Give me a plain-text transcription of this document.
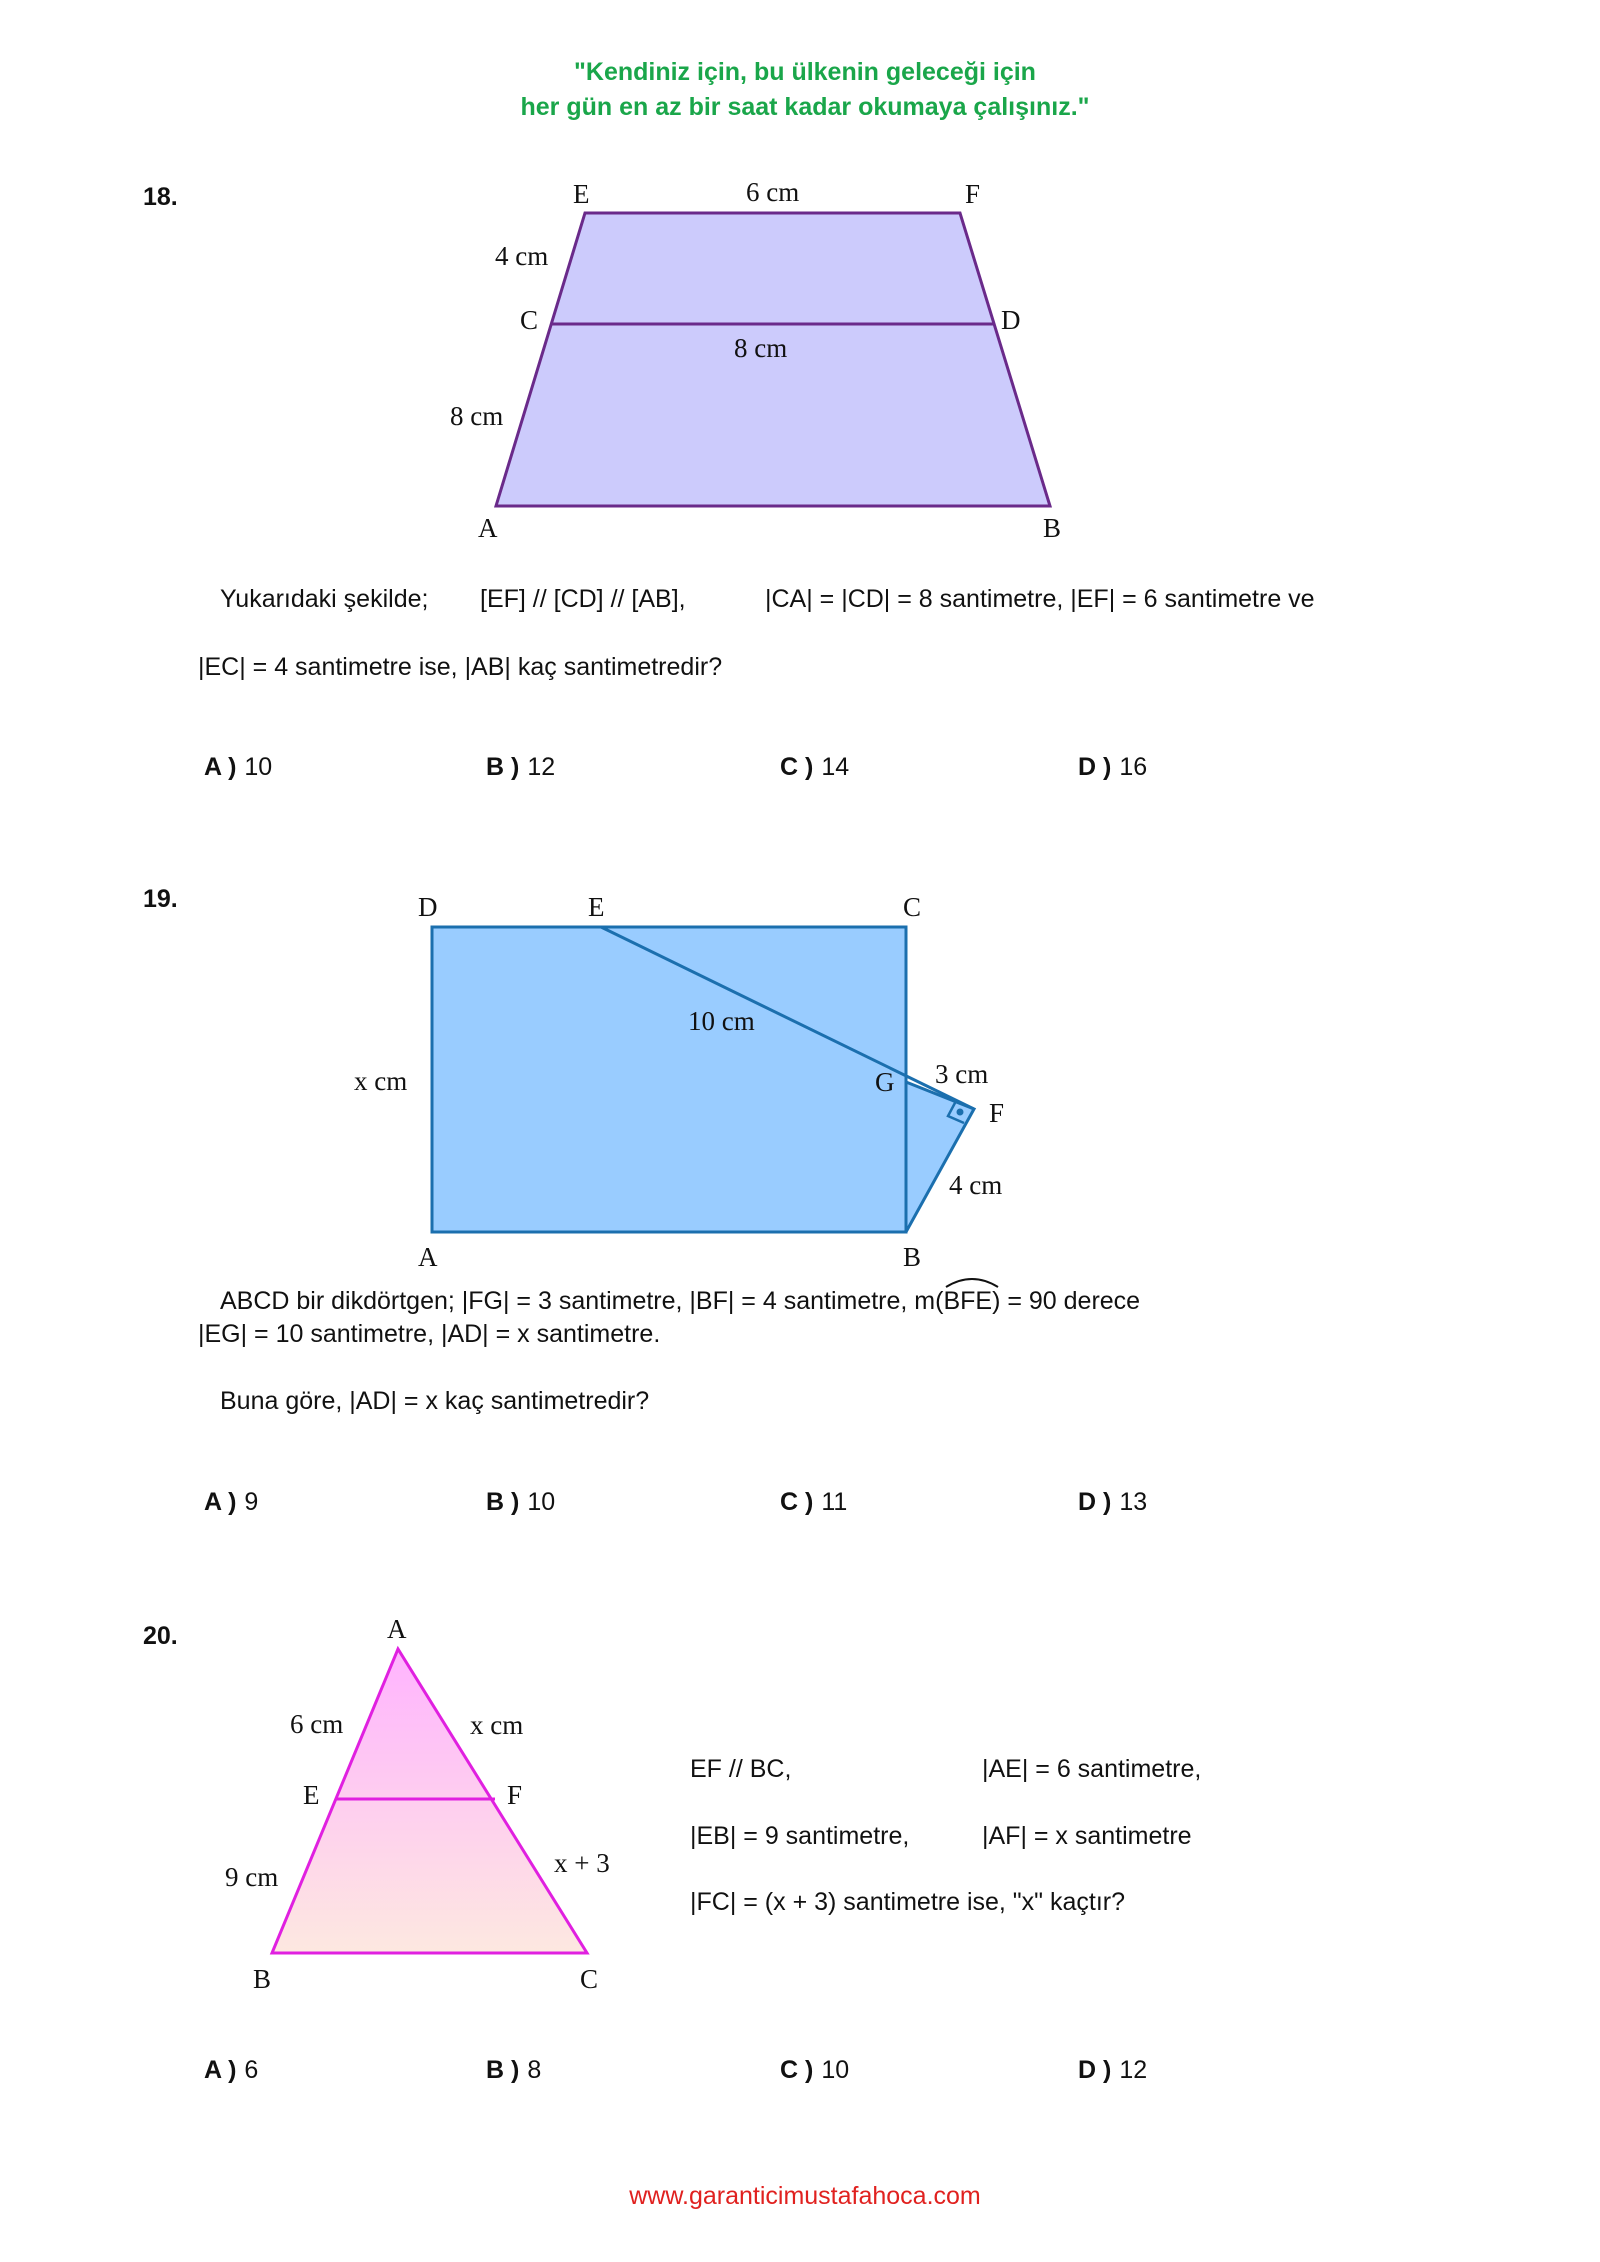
"Kendiniz için, bu ülkenin geleceği için
her gün en az bir saat kadar okumaya çalışınız."
18.	E	F
C	D
A	B
6 cm
4 cm
8 cm
8 cm
Yukarıdaki şekilde; [EF] // [CD] // [AB],	|CA| = |CD| = 8 santimetre, |EF| = 6 santimetre ve
|EC| = 4 santimetre ise, |AB| kaç santimetredir?
A ) 10	B ) 12	C ) 14	D ) 16
19.	D	E	C
G
F
A	B
10 cm
3 cm
4 cm
x cm
ABCD bir dikdörtgen; |FG| = 3 santimetre, |BF| = 4 santimetre, m(
BFE) = 90 derece
|EG| = 10 santimetre, |AD| = x santimetre.
Buna göre, |AD| = x kaç santimetredir?
A ) 9	B ) 10	C ) 11	D ) 13
20.	A
E	F
B	C
6 cm	x cm
9 cm	x + 3
EF // BC,	|AE| = 6 santimetre,
|EB| = 9 santimetre,	|AF| = x santimetre
|FC| = (x + 3) santimetre ise, "x" kaçtır?
A ) 6	B ) 8	C ) 10	D ) 12
www.garanticimustafahoca.com
